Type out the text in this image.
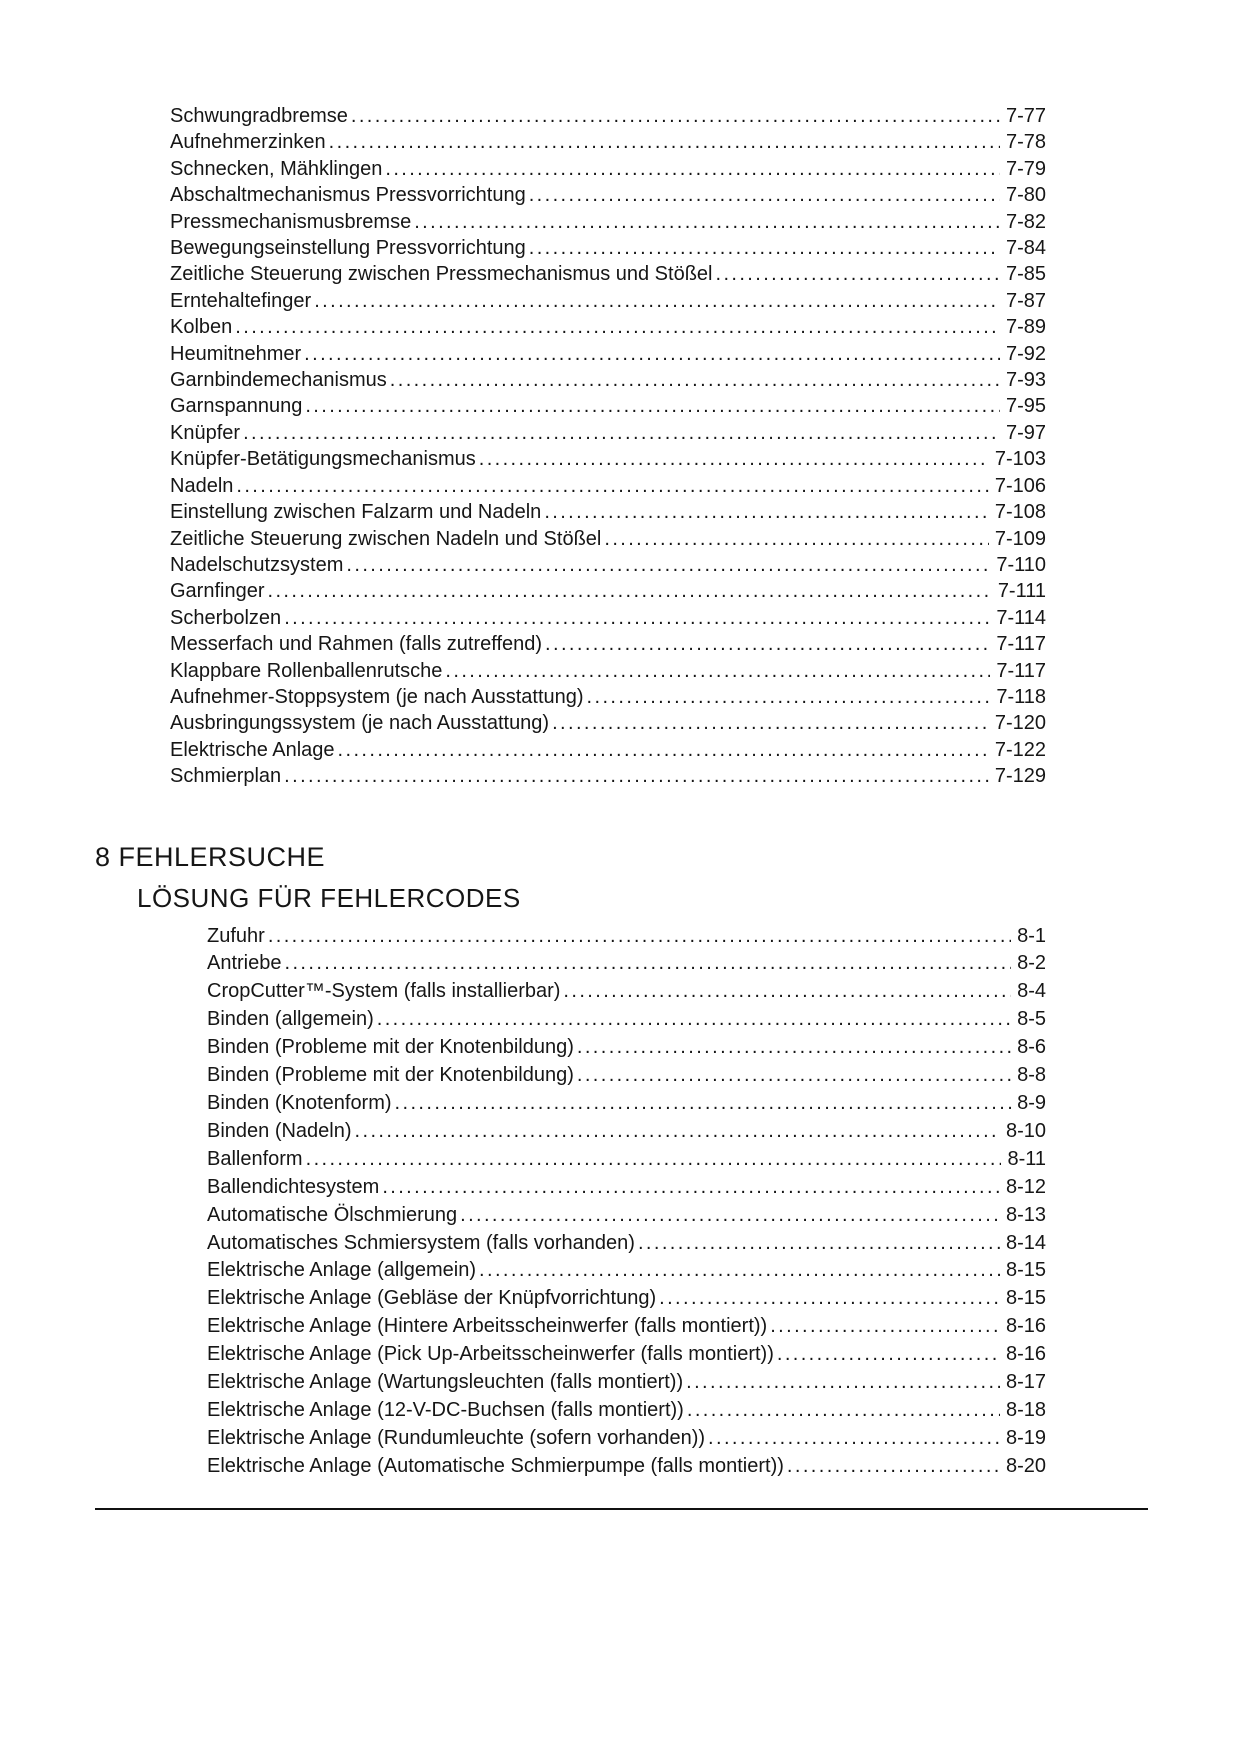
Schwungradbremse .....	7-77
Aufnehmerzinken .....	7-78
Schnecken, Mähklingen .....	7-79
Abschaltmechanismus Pressvorrichtung .....	7-80
Pressmechanismusbremse .....	7-82
Bewegungseinstellung Pressvorrichtung .....	7-84
Zeitliche Steuerung zwischen Pressmechanismus und Stößel .....	7-85
Erntehaltefinger .....	7-87
Kolben .....	7-89
Heumitnehmer .....	7-92
Garnbindemechanismus .....	7-93
Garnspannung .....	7-95
Knüpfer .....	7-97
Knüpfer-Betätigungsmechanismus .....	7-103
Nadeln .....	7-106
Einstellung zwischen Falzarm und Nadeln .....	7-108
Zeitliche Steuerung zwischen Nadeln und Stößel .....	7-109
Nadelschutzsystem .....	7-110
Garnfinger .....	7-111
Scherbolzen .....	7-114
Messerfach und Rahmen (falls zutreffend) .....	7-117
Klappbare Rollenballenrutsche .....	7-117
Aufnehmer-Stoppsystem (je nach Ausstattung) .....	7-118
Ausbringungssystem (je nach Ausstattung) .....	7-120
Elektrische Anlage .....	7-122
Schmierplan .....	7-129
8 FEHLERSUCHE
LÖSUNG FÜR FEHLERCODES
Zufuhr .....	8-1
Antriebe .....	8-2
CropCutter™-System (falls installierbar) .....	8-4
Binden (allgemein) .....	8-5
Binden (Probleme mit der Knotenbildung) .....	8-6
Binden (Probleme mit der Knotenbildung) .....	8-8
Binden (Knotenform) .....	8-9
Binden (Nadeln) .....	8-10
Ballenform .....	8-11
Ballendichtesystem .....	8-12
Automatische Ölschmierung .....	8-13
Automatisches Schmiersystem (falls vorhanden) .....	8-14
Elektrische Anlage (allgemein) .....	8-15
Elektrische Anlage (Gebläse der Knüpfvorrichtung) .....	8-15
Elektrische Anlage (Hintere Arbeitsscheinwerfer (falls montiert)) .....	8-16
Elektrische Anlage (Pick Up-Arbeitsscheinwerfer (falls montiert)) .....	8-16
Elektrische Anlage (Wartungsleuchten (falls montiert)) .....	8-17
Elektrische Anlage (12-V-DC-Buchsen (falls montiert)) .....	8-18
Elektrische Anlage (Rundumleuchte (sofern vorhanden)) .....	8-19
Elektrische Anlage (Automatische Schmierpumpe (falls montiert)) .....	8-20
